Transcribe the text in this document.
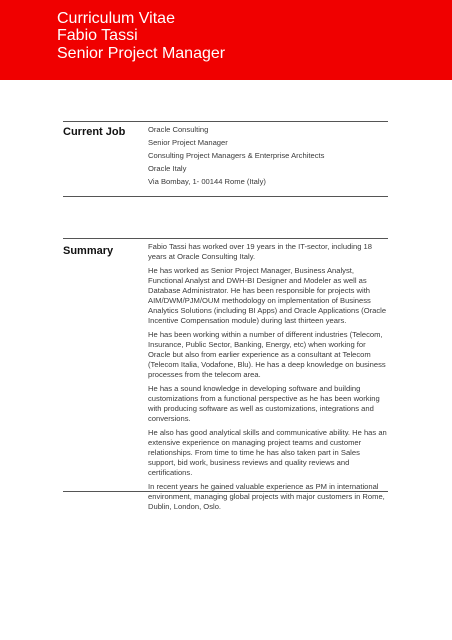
Curriculum Vitae
Fabio Tassi
Senior Project Manager
Current Job	Oracle Consulting
Senior Project Manager
Consulting Project Managers & Enterprise Architects
Oracle Italy
Via Bombay, 1- 00144 Rome (Italy)
Summary	Fabio Tassi has worked over 19 years in the IT-sector, including 18 years at Oracle Consulting Italy.

He has worked as Senior Project Manager, Business Analyst, Functional Analyst and DWH-BI Designer and Modeler as well as Database Administrator. He has been responsible for projects with AIM/DWM/PJM/OUM methodology on implementation of Business Analytics Solutions (including BI Apps) and Oracle Applications (Oracle Incentive Compensation module) during last thirteen years.

He has been working within a number of different industries (Telecom, Insurance, Public Sector, Banking, Energy, etc) when working for Oracle but also from earlier experience as a consultant at Telecom (Telecom Italia, Vodafone, Blu). He has a deep knowledge on business processes from the telecom area.

He has a sound knowledge in developing software and building customizations from a functional perspective as he has been working with producing software as well as customizations, integrations and conversions.

He also has good analytical skills and communicative ability. He has an extensive experience on managing project teams and customer relationships. From time to time he has also taken part in Sales support, bid work, business reviews and quality reviews and certifications.

In recent years he gained valuable experience as PM in international environment, managing global projects with major customers in Rome, Dublin, London, Oslo.
